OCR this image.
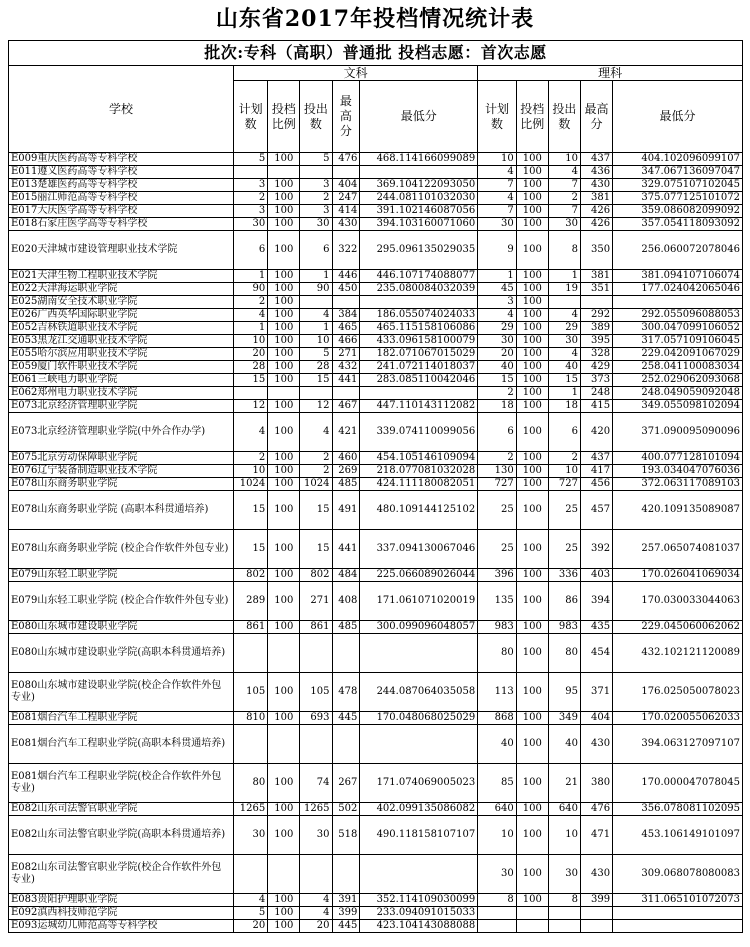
山东省2017年投档情况统计表
批次:专科（高职）普通批 投档志愿：首次志愿										
学校	文科					理科				
	计划数	投档比例	投出数	最高分	最低分	计划数	投档比例	投出数	最高分	最低分
E009重庆医药高等专科学校	5	100	5	476	468.114166099089	10	100	10	437	404.102096099107
E011遵义医药高等专科学校						4	100	4	436	347.067136097047
E013楚雄医药高等专科学校	3	100	3	404	369.104122093050	7	100	7	430	329.075107102045
E015丽江师范高等专科学校	2	100	2	247	244.081101032030	4	100	2	381	375.077125101072
E017大庆医学高等专科学校	3	100	3	414	391.102146087056	7	100	7	426	359.086082099092
E018石家庄医学高等专科学校	30	100	30	430	394.103160071060	30	100	30	426	357.054118093092
E020天津城市建设管理职业技术学院	6	100	6	322	295.096135029035	9	100	8	350	256.060072078046
E021天津生物工程职业技术学院	1	100	1	446	446.107174088077	1	100	1	381	381.094107106074
E022天津海运职业学院	90	100	90	450	235.080084032039	45	100	19	351	177.024042065046
E025湖南安全技术职业学院	2	100				3	100			
E026广西英华国际职业学院	4	100	4	384	186.055074024033	4	100	4	292	292.055096088053
E052吉林铁道职业技术学院	1	100	1	465	465.115158106086	29	100	29	389	300.047099106052
E053黑龙江交通职业技术学院	10	100	10	466	433.096158100079	30	100	30	395	317.057109106045
E055哈尔滨应用职业技术学院	20	100	5	271	182.071067015029	20	100	4	328	229.042091067029
E059厦门软件职业技术学院	28	100	28	432	241.072114018037	40	100	40	429	258.041100083034
E061三峡电力职业学院	15	100	15	441	283.085110042046	15	100	15	373	252.029062093068
E062郑州电力职业技术学院						2	100	1	248	248.049059092048
E073北京经济管理职业学院	12	100	12	467	447.110143112082	18	100	18	415	349.055098102094
E073北京经济管理职业学院(中外合作办学)	4	100	4	421	339.074110099056	6	100	6	420	371.090095090096
E075北京劳动保障职业学院	2	100	2	460	454.105146109094	2	100	2	437	400.077128101094
E076辽宁装备制造职业技术学院	10	100	2	269	218.077081032028	130	100	10	417	193.034047076036
E078山东商务职业学院	1024	100	1024	485	424.111180082051	727	100	727	456	372.063117089103
E078山东商务职业学院 (高职本科贯通培养)	15	100	15	491	480.109144125102	25	100	25	457	420.109135089087
E078山东商务职业学院 (校企合作软件外包专业)	15	100	15	441	337.094130067046	25	100	25	392	257.065074081037
E079山东轻工职业学院	802	100	802	484	225.066089026044	396	100	336	403	170.026041069034
E079山东轻工职业学院 (校企合作软件外包专业)	289	100	271	408	171.061071020019	135	100	86	394	170.030033044063
E080山东城市建设职业学院	861	100	861	485	300.099096048057	983	100	983	435	229.045060062062
E080山东城市建设职业学院(高职本科贯通培养)						80	100	80	454	432.102121120089
E080山东城市建设职业学院(校企合作软件外包专业)	105	100	105	478	244.087064035058	113	100	95	371	176.025050078023
E081烟台汽车工程职业学院	810	100	693	445	170.048068025029	868	100	349	404	170.020055062033
E081烟台汽车工程职业学院(高职本科贯通培养)						40	100	40	430	394.063127097107
E081烟台汽车工程职业学院(校企合作软件外包专业)	80	100	74	267	171.074069005023	85	100	21	380	170.000047078045
E082山东司法警官职业学院	1265	100	1265	502	402.099135086082	640	100	640	476	356.078081102095
E082山东司法警官职业学院(高职本科贯通培养)	30	100	30	518	490.118158107107	10	100	10	471	453.106149101097
E082山东司法警官职业学院(校企合作软件外包专业)						30	100	30	430	309.068078080083
E083贵阳护理职业学院	4	100	4	391	352.114109030099	8	100	8	399	311.065101072073
E092滇西科技师范学院	5	100	4	399	233.094091015033					
E093运城幼儿师范高等专科学校	20	100	20	445	423.104143088088					
